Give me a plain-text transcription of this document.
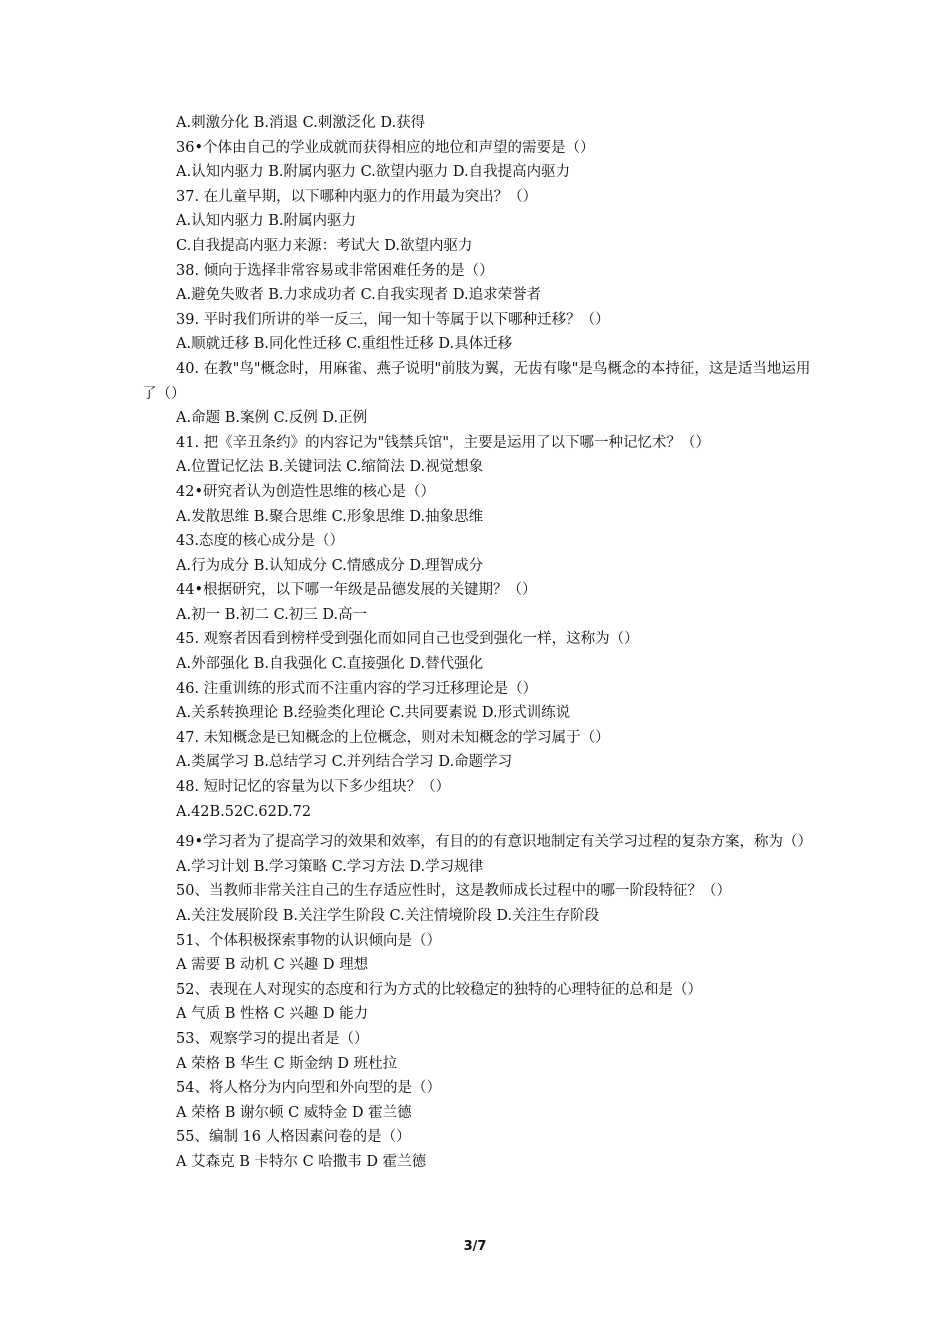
A.刺激分化 B.消退 C.刺激泛化 D.获得
36•个体由自己的学业成就而获得相应的地位和声望的需要是（）
A.认知内驱力 B.附属内驱力 C.欲望内驱力 D.自我提高内驱力
37. 在儿童早期，以下哪种内驱力的作用最为突出？（）
A.认知内驱力 B.附属内驱力
C.自我提高内驱力来源：考试大 D.欲望内驱力
38. 倾向于选择非常容易或非常困难任务的是（）
A.避免失败者 B.力求成功者 C.自我实现者 D.追求荣誉者
39. 平时我们所讲的举一反三，闻一知十等属于以下哪种迁移？（）
A.顺就迁移 B.同化性迁移 C.重组性迁移 D.具体迁移
40. 在教"鸟"概念时，用麻雀、燕子说明"前肢为翼，无齿有喙"是鸟概念的本持征，这是适当地运用了（）
A.命题 B.案例 C.反例 D.正例
41. 把《辛丑条约》的内容记为"钱禁兵馆"，主要是运用了以下哪一种记忆术？（）
A.位置记忆法 B.关键词法 C.缩简法 D.视觉想象
42•研究者认为创造性思维的核心是（）
A.发散思维 B.聚合思维 C.形象思维 D.抽象思维
43.态度的核心成分是（）
A.行为成分 B.认知成分 C.情感成分 D.理智成分
44•根据研究，以下哪一年级是品德发展的关键期？（）
A.初一 B.初二 C.初三 D.高一
45. 观察者因看到榜样受到强化而如同自己也受到强化一样，这称为（）
A.外部强化 B.自我强化 C.直接强化 D.替代强化
46. 注重训练的形式而不注重内容的学习迁移理论是（）
A.关系转换理论 B.经验类化理论 C.共同要素说 D.形式训练说
47. 未知概念是已知概念的上位概念，则对未知概念的学习属于（）
A.类属学习 B.总结学习 C.并列结合学习 D.命题学习
48. 短时记忆的容量为以下多少组块？（）
A.42B.52C.62D.72
49•学习者为了提高学习的效果和效率，有目的的有意识地制定有关学习过程的复杂方案，称为（）
A.学习计划 B.学习策略 C.学习方法 D.学习规律
50、当教师非常关注自己的生存适应性时，这是教师成长过程中的哪一阶段特征？（）
A.关注发展阶段 B.关注学生阶段 C.关注情境阶段 D.关注生存阶段
51、个体积极探索事物的认识倾向是（）
A 需要 B 动机 C 兴趣 D 理想
52、表现在人对现实的态度和行为方式的比较稳定的独特的心理特征的总和是（）
A 气质 B 性格 C 兴趣 D 能力
53、观察学习的提出者是（）
A 荣格 B 华生 C 斯金纳 D 班杜拉
54、将人格分为内向型和外向型的是（）
A 荣格 B 谢尔顿 C 威特金 D 霍兰德
55、编制 16 人格因素问卷的是（）
A 艾森克 B 卡特尔 C 哈撒韦 D 霍兰德
3/7
